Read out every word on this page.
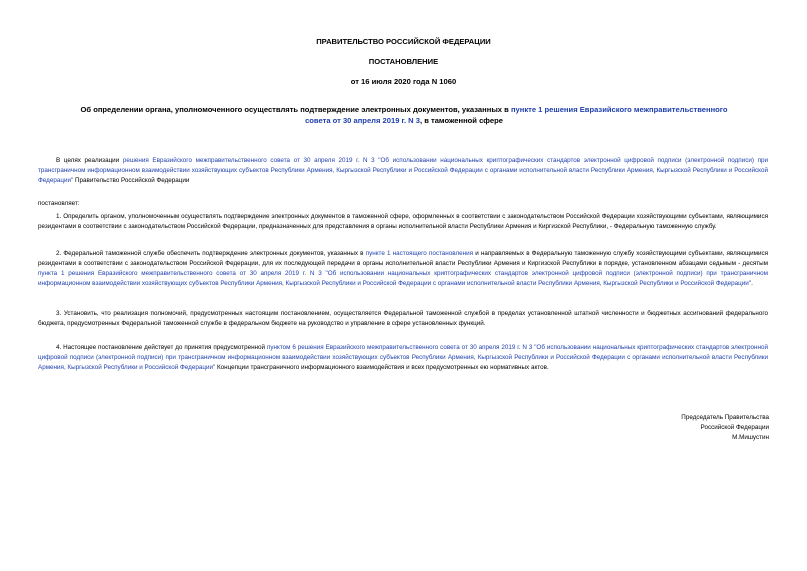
ПРАВИТЕЛЬСТВО РОССИЙСКОЙ ФЕДЕРАЦИИ
ПОСТАНОВЛЕНИЕ
от 16 июля 2020 года N 1060
Об определении органа, уполномоченного осуществлять подтверждение электронных документов, указанных в пункте 1 решения Евразийского межправительственного совета от 30 апреля 2019 г. N 3, в таможенной сфере
В целях реализации решения Евразийского межправительственного совета от 30 апреля 2019 г. N 3 "Об использовании национальных криптографических стандартов электронной цифровой подписи (электронной подписи) при трансграничном информационном взаимодействии хозяйствующих субъектов Республики Армения, Кыргызской Республики и Российской Федерации с органами исполнительной власти Республики Армения, Кыргызской Республики и Российской Федерации" Правительство Российской Федерации
постановляет:
1. Определить органом, уполномоченным осуществлять подтверждение электронных документов в таможенной сфере, оформленных в соответствии с законодательством Российской Федерации хозяйствующими субъектами, являющимися резидентами в соответствии с законодательством Российской Федерации, предназначенных для представления в органы исполнительной власти Республики Армения и Киргизской Республики, - Федеральную таможенную службу.
2. Федеральной таможенной службе обеспечить подтверждение электронных документов, указанных в пункте 1 настоящего постановления и направляемых в Федеральную таможенную службу хозяйствующими субъектами, являющимися резидентами в соответствии с законодательством Российской Федерации, для их последующей передачи в органы исполнительной власти Республики Армения и Киргизской Республики в порядке, установленном абзацами седьмым - десятым пункта 1 решения Евразийского межправительственного совета от 30 апреля 2019 г. N 3 "Об использовании национальных криптографических стандартов электронной цифровой подписи (электронной подписи) при трансграничном информационном взаимодействии хозяйствующих субъектов Республики Армения, Кыргызской Республики и Российской Федерации с органами исполнительной власти Республики Армения, Кыргызской Республики и Российской Федерации".
3. Установить, что реализация полномочий, предусмотренных настоящим постановлением, осуществляется Федеральной таможенной службой в пределах установленной штатной численности и бюджетных ассигнований федерального бюджета, предусмотренных Федеральной таможенной службе в федеральном бюджете на руководство и управление в сфере установленных функций.
4. Настоящее постановление действует до принятия предусмотренной пунктом 6 решения Евразийского межправительственного совета от 30 апреля 2019 г. N 3 "Об использовании национальных криптографических стандартов электронной цифровой подписи (электронной подписи) при трансграничном информационном взаимодействии хозяйствующих субъектов Республики Армения, Кыргызской Республики и Российской Федерации с органами исполнительной власти Республики Армения, Кыргызской Республики и Российской Федерации" Концепции трансграничного информационного взаимодействия и всех предусмотренных ею нормативных актов.
Председатель Правительства
Российской Федерации
М.Мишустин
